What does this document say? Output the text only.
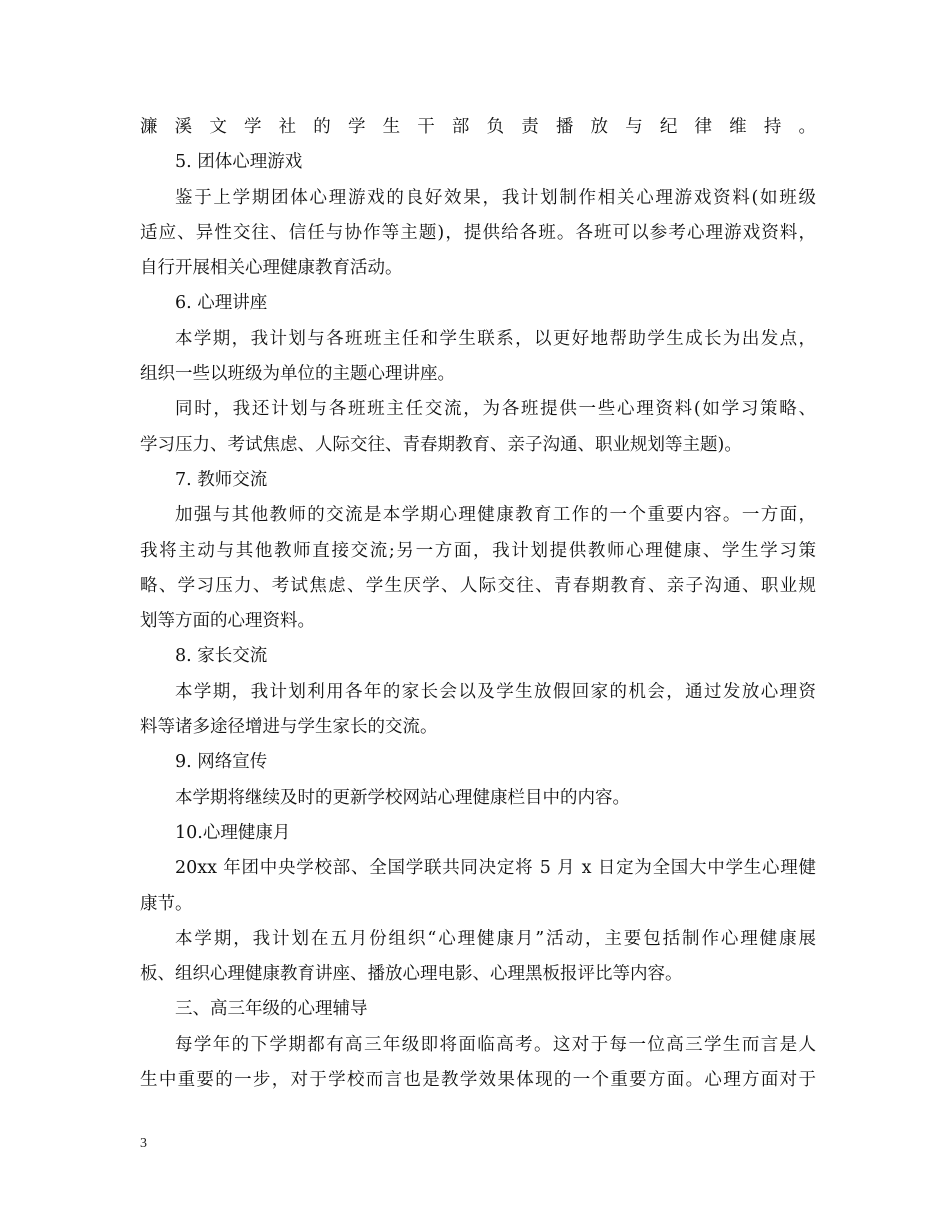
濂溪文学社的学生干部负责播放与纪律维持。
5. 团体心理游戏
鉴于上学期团体心理游戏的良好效果，我计划制作相关心理游戏资料(如班级
适应、异性交往、信任与协作等主题)，提供给各班。各班可以参考心理游戏资料，
自行开展相关心理健康教育活动。
6. 心理讲座
本学期，我计划与各班班主任和学生联系，以更好地帮助学生成长为出发点，
组织一些以班级为单位的主题心理讲座。
同时，我还计划与各班班主任交流，为各班提供一些心理资料(如学习策略、
学习压力、考试焦虑、人际交往、青春期教育、亲子沟通、职业规划等主题)。
7. 教师交流
加强与其他教师的交流是本学期心理健康教育工作的一个重要内容。一方面，
我将主动与其他教师直接交流;另一方面，我计划提供教师心理健康、学生学习策
略、学习压力、考试焦虑、学生厌学、人际交往、青春期教育、亲子沟通、职业规
划等方面的心理资料。
8. 家长交流
本学期，我计划利用各年的家长会以及学生放假回家的机会，通过发放心理资
料等诸多途径增进与学生家长的交流。
9. 网络宣传
本学期将继续及时的更新学校网站心理健康栏目中的内容。
10.心理健康月
20xx 年团中央学校部、全国学联共同决定将 5 月 x 日定为全国大中学生心理健
康节。
本学期，我计划在五月份组织“心理健康月”活动，主要包括制作心理健康展
板、组织心理健康教育讲座、播放心理电影、心理黑板报评比等内容。
三、高三年级的心理辅导
每学年的下学期都有高三年级即将面临高考。这对于每一位高三学生而言是人
生中重要的一步，对于学校而言也是教学效果体现的一个重要方面。心理方面对于
3
